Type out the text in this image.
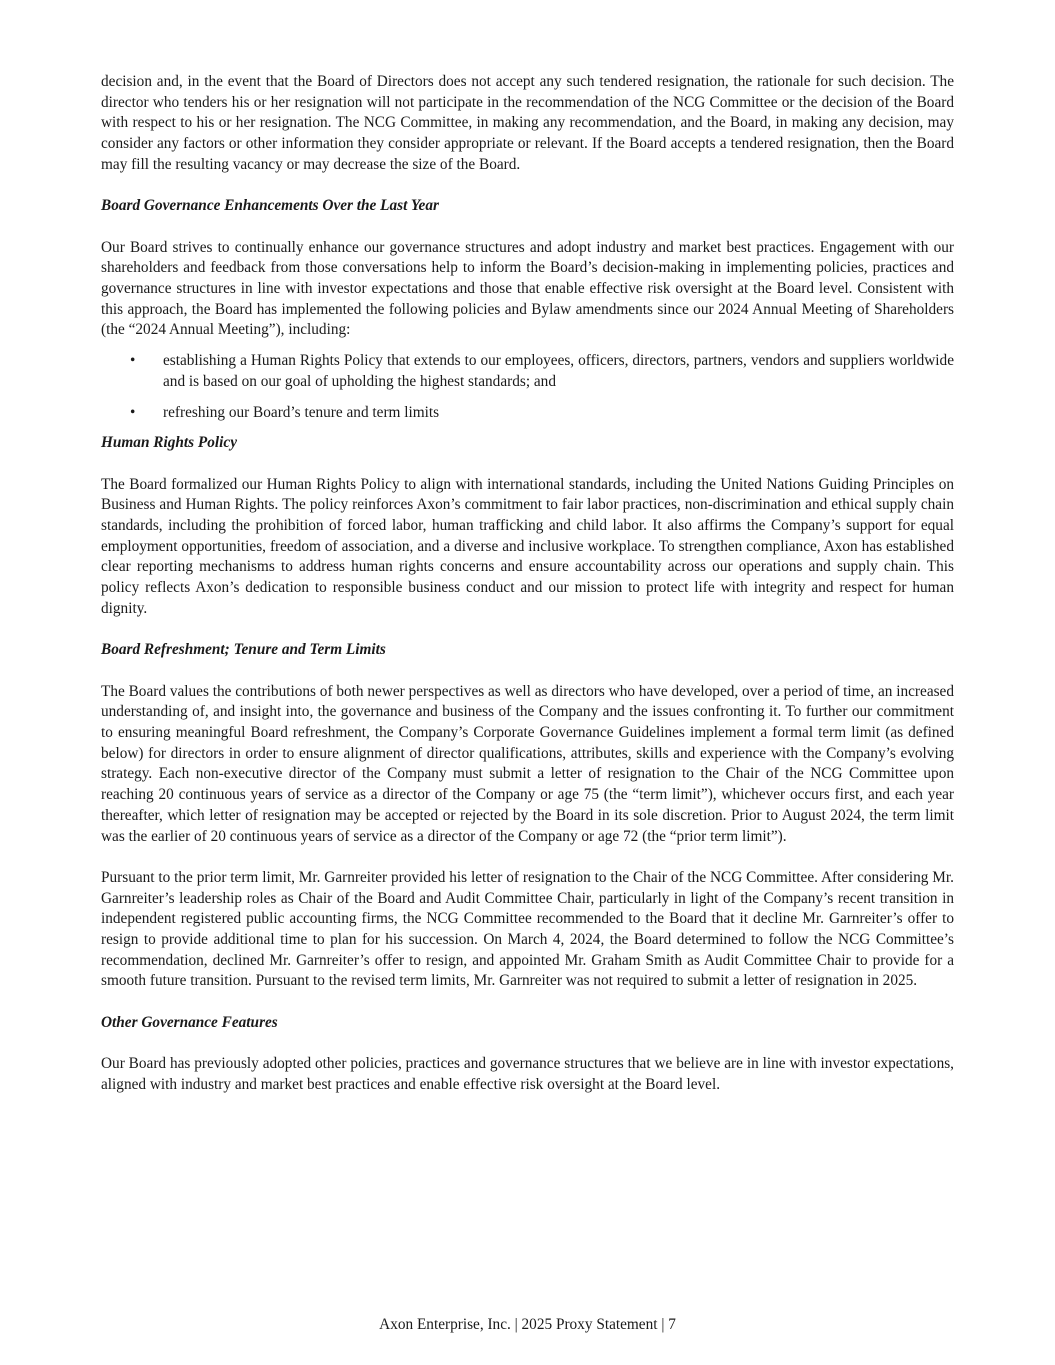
decision and, in the event that the Board of Directors does not accept any such tendered resignation, the rationale for such decision. The director who tenders his or her resignation will not participate in the recommendation of the NCG Committee or the decision of the Board with respect to his or her resignation. The NCG Committee, in making any recommendation, and the Board, in making any decision, may consider any factors or other information they consider appropriate or relevant. If the Board accepts a tendered resignation, then the Board may fill the resulting vacancy or may decrease the size of the Board.

Board Governance Enhancements Over the Last Year

Our Board strives to continually enhance our governance structures and adopt industry and market best practices. Engagement with our shareholders and feedback from those conversations help to inform the Board’s decision-making in implementing policies, practices and governance structures in line with investor expectations and those that enable effective risk oversight at the Board level. Consistent with this approach, the Board has implemented the following policies and Bylaw amendments since our 2024 Annual Meeting of Shareholders (the “2024 Annual Meeting”), including:

• establishing a Human Rights Policy that extends to our employees, officers, directors, partners, vendors and suppliers worldwide and is based on our goal of upholding the highest standards; and
• refreshing our Board’s tenure and term limits
Human Rights Policy

The Board formalized our Human Rights Policy to align with international standards, including the United Nations Guiding Principles on Business and Human Rights. The policy reinforces Axon’s commitment to fair labor practices, non-discrimination and ethical supply chain standards, including the prohibition of forced labor, human trafficking and child labor. It also affirms the Company’s support for equal employment opportunities, freedom of association, and a diverse and inclusive workplace. To strengthen compliance, Axon has established clear reporting mechanisms to address human rights concerns and ensure accountability across our operations and supply chain. This policy reflects Axon’s dedication to responsible business conduct and our mission to protect life with integrity and respect for human dignity.

Board Refreshment; Tenure and Term Limits

The Board values the contributions of both newer perspectives as well as directors who have developed, over a period of time, an increased understanding of, and insight into, the governance and business of the Company and the issues confronting it. To further our commitment to ensuring meaningful Board refreshment, the Company’s Corporate Governance Guidelines implement a formal term limit (as defined below) for directors in order to ensure alignment of director qualifications, attributes, skills and experience with the Company’s evolving strategy. Each non-executive director of the Company must submit a letter of resignation to the Chair of the NCG Committee upon reaching 20 continuous years of service as a director of the Company or age 75 (the “term limit”), whichever occurs first, and each year thereafter, which letter of resignation may be accepted or rejected by the Board in its sole discretion. Prior to August 2024, the term limit was the earlier of 20 continuous years of service as a director of the Company or age 72 (the “prior term limit”).

Pursuant to the prior term limit, Mr. Garnreiter provided his letter of resignation to the Chair of the NCG Committee. After considering Mr. Garnreiter’s leadership roles as Chair of the Board and Audit Committee Chair, particularly in light of the Company’s recent transition in independent registered public accounting firms, the NCG Committee recommended to the Board that it decline Mr. Garnreiter’s offer to resign to provide additional time to plan for his succession. On March 4, 2024, the Board determined to follow the NCG Committee’s recommendation, declined Mr. Garnreiter’s offer to resign, and appointed Mr. Graham Smith as Audit Committee Chair to provide for a smooth future transition. Pursuant to the revised term limits, Mr. Garnreiter was not required to submit a letter of resignation in 2025.

Other Governance Features

Our Board has previously adopted other policies, practices and governance structures that we believe are in line with investor expectations, aligned with industry and market best practices and enable effective risk oversight at the Board level.

Axon Enterprise, Inc. | 2025 Proxy Statement | 7
